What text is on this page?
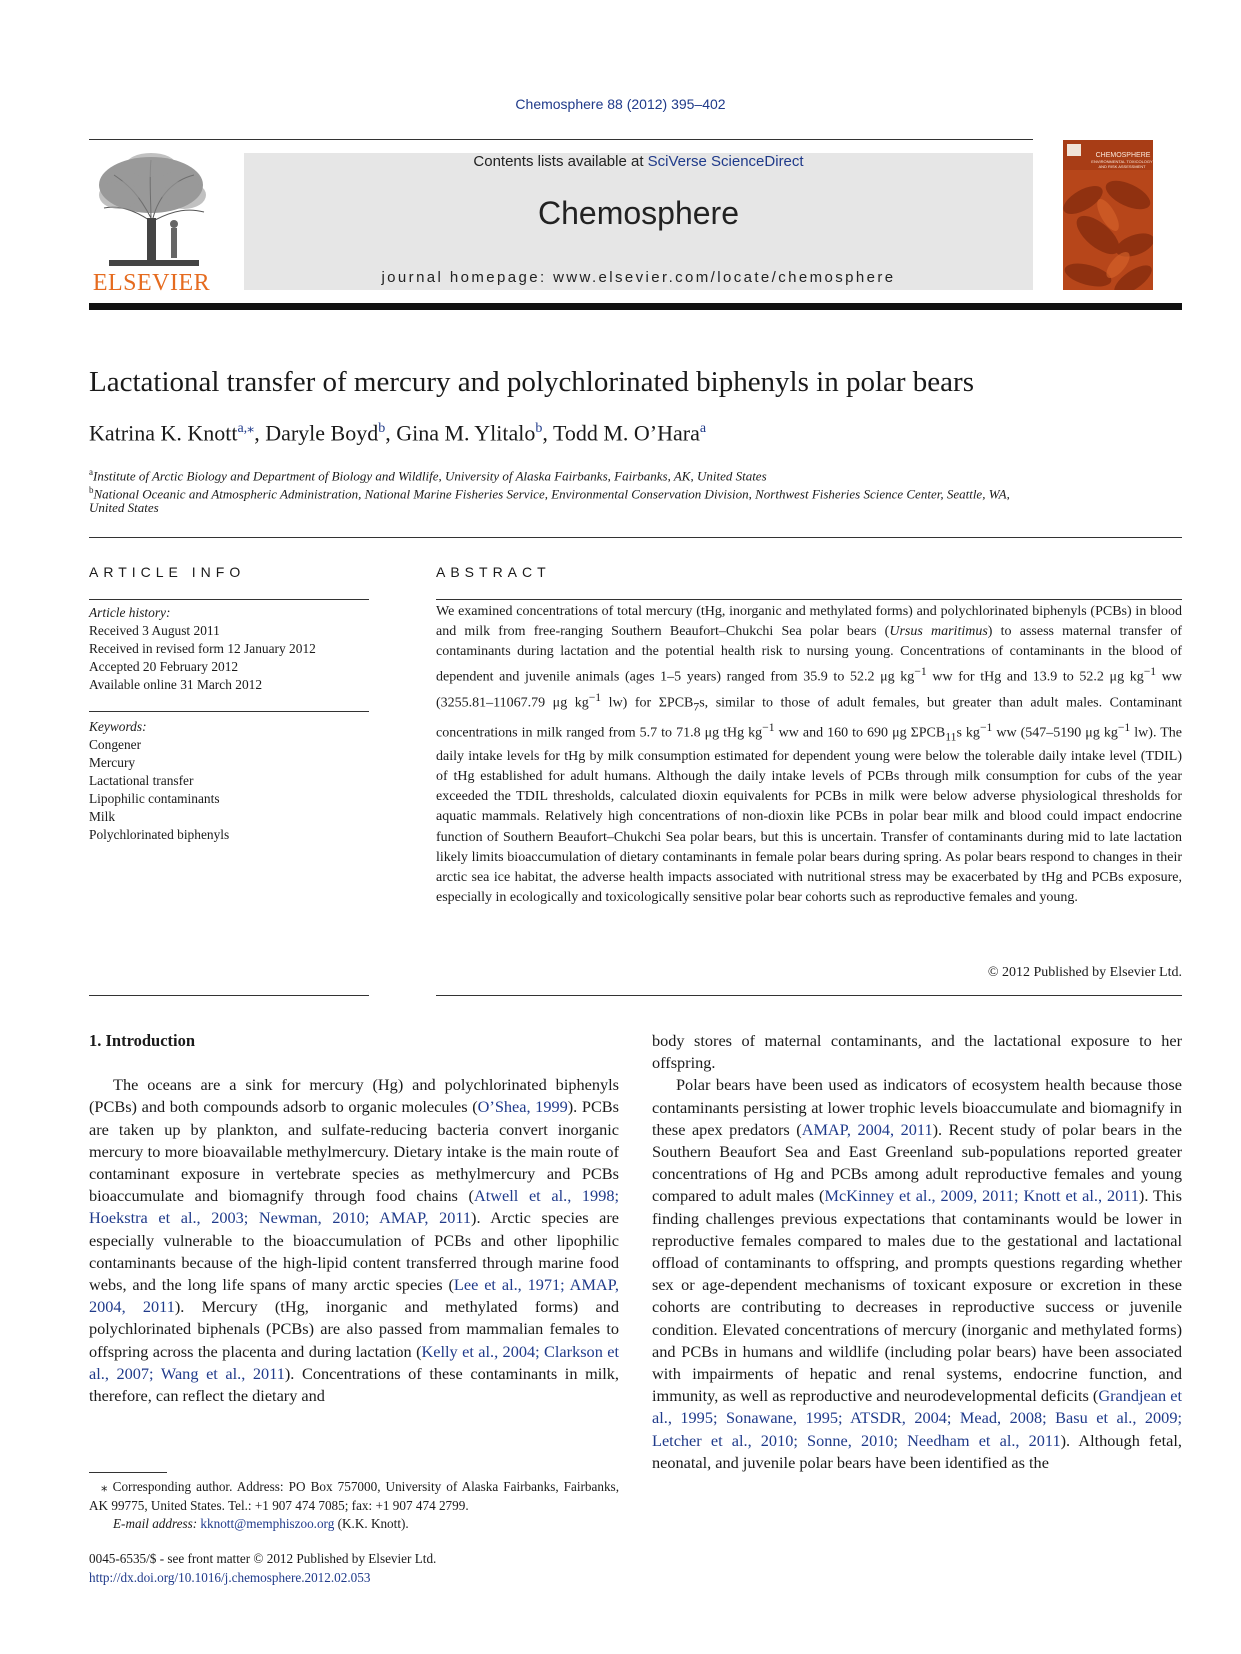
Chemosphere 88 (2012) 395–402
ELSEVIER
Contents lists available at SciVerse ScienceDirect
Chemosphere
journal homepage: www.elsevier.com/locate/chemosphere
CHEMOSPHERE
ENVIRONMENTAL TOXICOLOGY AND RISK ASSESSMENT
Lactational transfer of mercury and polychlorinated biphenyls in polar bears
Katrina K. Knott$^{a,⁎}$, Daryle Boyd$^b$, Gina M. Ylitalo$^b$, Todd M. O’Hara$^a$
$^a$Institute of Arctic Biology and Department of Biology and Wildlife, University of Alaska Fairbanks, Fairbanks, AK, United States
$^b$National Oceanic and Atmospheric Administration, National Marine Fisheries Service, Environmental Conservation Division, Northwest Fisheries Science Center, Seattle, WA,
United States
ARTICLE INFO
Article history:
Received 3 August 2011
Received in revised form 12 January 2012
Accepted 20 February 2012
Available online 31 March 2012
Keywords:
Congener
Mercury
Lactational transfer
Lipophilic contaminants
Milk
Polychlorinated biphenyls
ABSTRACT

We examined concentrations of total mercury (tHg, inorganic and methylated forms) and polychlorinated biphenyls (PCBs) in blood and milk from free-ranging Southern Beaufort–Chukchi Sea polar bears (Ursus maritimus) to assess maternal transfer of contaminants during lactation and the potential health risk to nursing young. Concentrations of contaminants in the blood of dependent and juvenile animals (ages 1–5 years) ranged from 35.9 to 52.2 μg $kg^{-1}$ ww for tHg and 13.9 to 52.2 μg $kg^{-1}$ ww (3255.81–11067.79 μg $kg^{-1}$ lw) for $\Sigma PCB_7s$, similar to those of adult females, but greater than adult males. Contaminant concentrations in milk ranged from 5.7 to 71.8 μg tHg $kg^{-1}$ ww and 160 to 690 μg $\Sigma PCB_{11}s$ $kg^{-1}$ ww (547–5190 μg $kg^{-1}$ lw). The daily intake levels for tHg by milk consumption estimated for dependent young were below the tolerable daily intake level (TDIL) of tHg established for adult humans. Although the daily intake levels of PCBs through milk consumption for cubs of the year exceeded the TDIL thresholds, calculated dioxin equivalents for PCBs in milk were below adverse physiological thresholds for aquatic mammals. Relatively high concentrations of non-dioxin like PCBs in polar bear milk and blood could impact endocrine function of Southern Beaufort–Chukchi Sea polar bears, but this is uncertain. Transfer of contaminants during mid to late lactation likely limits bioaccumulation of dietary contaminants in female polar bears during spring. As polar bears respond to changes in their arctic sea ice habitat, the adverse health impacts associated with nutritional stress may be exacerbated by tHg and PCBs exposure, especially in ecologically and toxicologically sensitive polar bear cohorts such as reproductive females and young.

© 2012 Published by Elsevier Ltd.
1. Introduction

The oceans are a sink for mercury (Hg) and polychlorinated biphenyls (PCBs) and both compounds adsorb to organic molecules (O’Shea, 1999). PCBs are taken up by plankton, and sulfate-reducing bacteria convert inorganic mercury to more bioavailable methylmercury. Dietary intake is the main route of contaminant exposure in vertebrate species as methylmercury and PCBs bioaccumulate and biomagnify through food chains (Atwell et al., 1998; Hoekstra et al., 2003; Newman, 2010; AMAP, 2011). Arctic species are especially vulnerable to the bioaccumulation of PCBs and other lipophilic contaminants because of the high-lipid content transferred through marine food webs, and the long life spans of many arctic species (Lee et al., 1971; AMAP, 2004, 2011). Mercury (tHg, inorganic and methylated forms) and polychlorinated biphenals (PCBs) are also passed from mammalian females to offspring across the placenta and during lactation (Kelly et al., 2004; Clarkson et al., 2007; Wang et al., 2011). Concentrations of these contaminants in milk, therefore, can reflect the dietary and

body stores of maternal contaminants, and the lactational exposure to her offspring.

Polar bears have been used as indicators of ecosystem health because those contaminants persisting at lower trophic levels bioaccumulate and biomagnify in these apex predators (AMAP, 2004, 2011). Recent study of polar bears in the Southern Beaufort Sea and East Greenland sub-populations reported greater concentrations of Hg and PCBs among adult reproductive females and young compared to adult males (McKinney et al., 2009, 2011; Knott et al., 2011). This finding challenges previous expectations that contaminants would be lower in reproductive females compared to males due to the gestational and lactational offload of contaminants to offspring, and prompts questions regarding whether sex or age-dependent mechanisms of toxicant exposure or excretion in these cohorts are contributing to decreases in reproductive success or juvenile condition. Elevated concentrations of mercury (inorganic and methylated forms) and PCBs in humans and wildlife (including polar bears) have been associated with impairments of hepatic and renal systems, endocrine function, and immunity, as well as reproductive and neurodevelopmental deficits (Grandjean et al., 1995; Sonawane, 1995; ATSDR, 2004; Mead, 2008; Basu et al., 2009; Letcher et al., 2010; Sonne, 2010; Needham et al., 2011). Although fetal, neonatal, and juvenile polar bears have been identified as the

⁎ Corresponding author. Address: PO Box 757000, University of Alaska Fairbanks, Fairbanks, AK 99775, United States. Tel.: +1 907 474 7085; fax: +1 907 474 2799.

E-mail address: kknott@memphiszoo.org (K.K. Knott).

0045-6535/$ - see front matter © 2012 Published by Elsevier Ltd.
http://dx.doi.org/10.1016/j.chemosphere.2012.02.053
